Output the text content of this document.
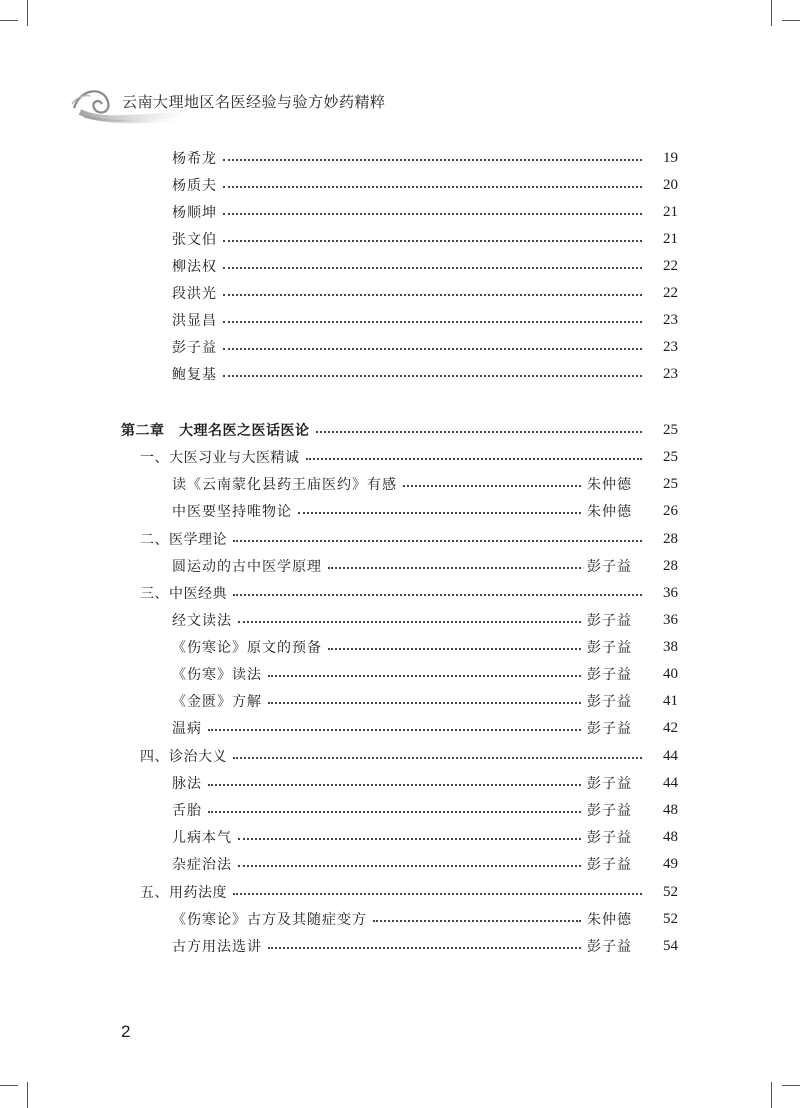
云南大理地区名医经验与验方妙药精粹
杨希龙	19
杨质夫	20
杨顺坤	21
张文伯	21
柳法权	22
段洪光	22
洪显昌	23
彭子益	23
鲍复基	23
第二章　大理名医之医话医论	25
一、大医习业与大医精诚	25
读《云南蒙化县药王庙医约》有感	朱仲德	25
中医要坚持唯物论	朱仲德	26
二、医学理论	28
圆运动的古中医学原理	彭子益	28
三、中医经典	36
经文读法	彭子益	36
《伤寒论》原文的预备	彭子益	38
《伤寒》读法	彭子益	40
《金匮》方解	彭子益	41
温病	彭子益	42
四、诊治大义	44
脉法	彭子益	44
舌胎	彭子益	48
儿病本气	彭子益	48
杂症治法	彭子益	49
五、用药法度	52
《伤寒论》古方及其随症变方	朱仲德	52
古方用法选讲	彭子益	54
2
